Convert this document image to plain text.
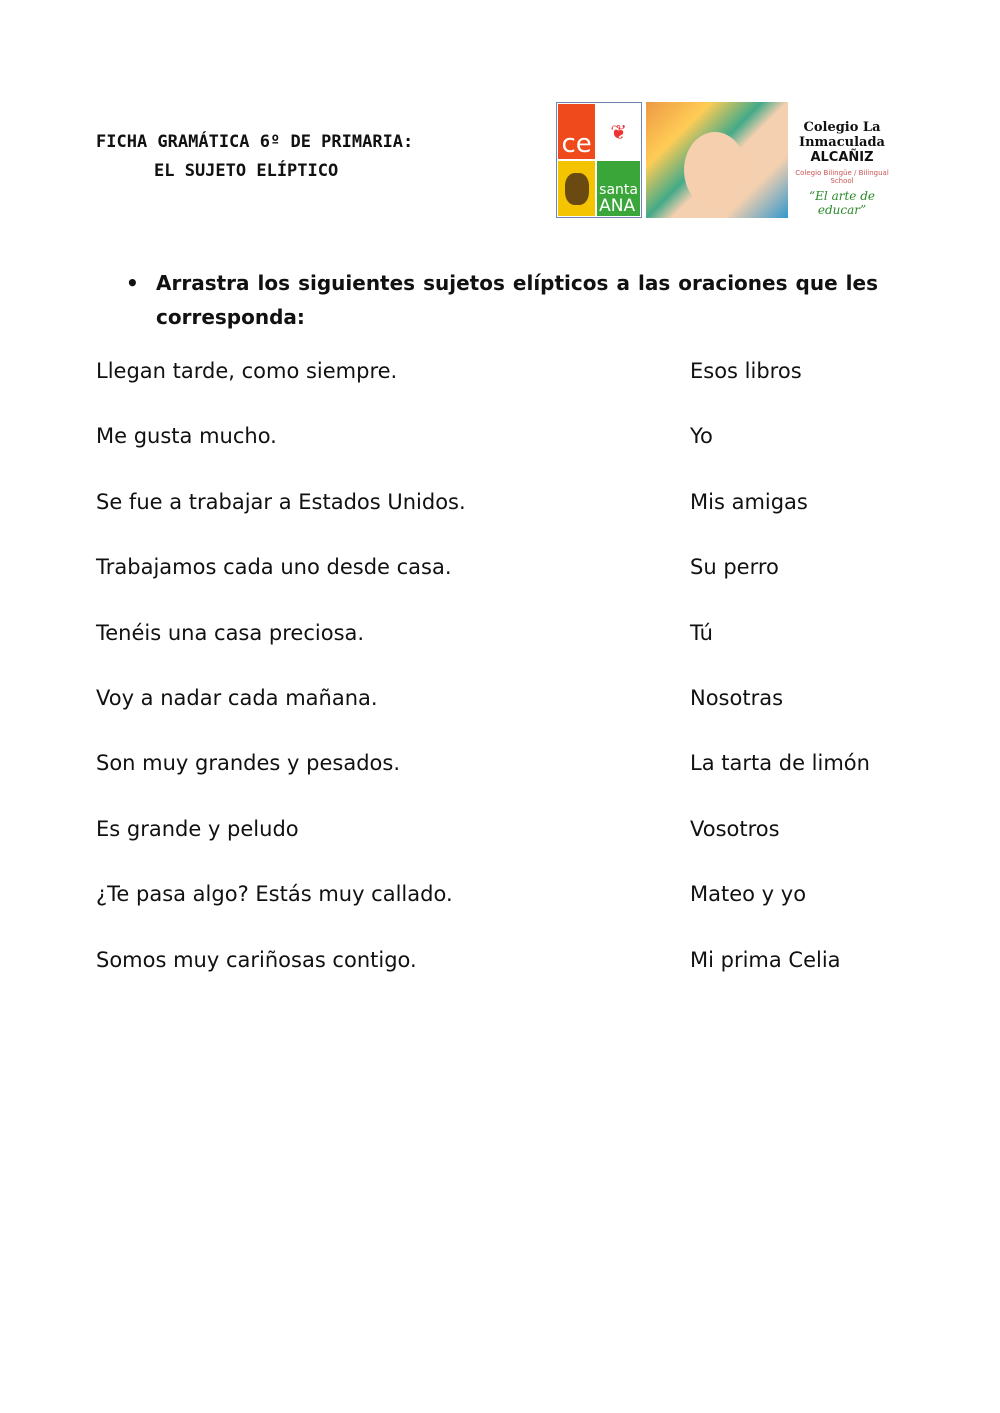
FICHA GRAMÁTICA 6º DE PRIMARIA:
EL SUJETO ELÍPTICO
ce ❦
santa
ANA
Colegio La Inmaculada
ALCAÑIZ
Colegio Bilingüe / Bilingual School
“El arte de educar”
• Arrastra los siguientes sujetos elípticos a las oraciones que les corresponda:
Llegan tarde, como siempre.	Esos libros
Me gusta mucho.	Yo
Se fue a trabajar a Estados Unidos.	Mis amigas
Trabajamos cada uno desde casa.	Su perro
Tenéis una casa preciosa.	Tú
Voy a nadar cada mañana.	Nosotras
Son muy grandes y pesados.	La tarta de limón
Es grande y peludo	Vosotros
¿Te pasa algo? Estás muy callado.	Mateo y yo
Somos muy cariñosas contigo.	Mi prima Celia
